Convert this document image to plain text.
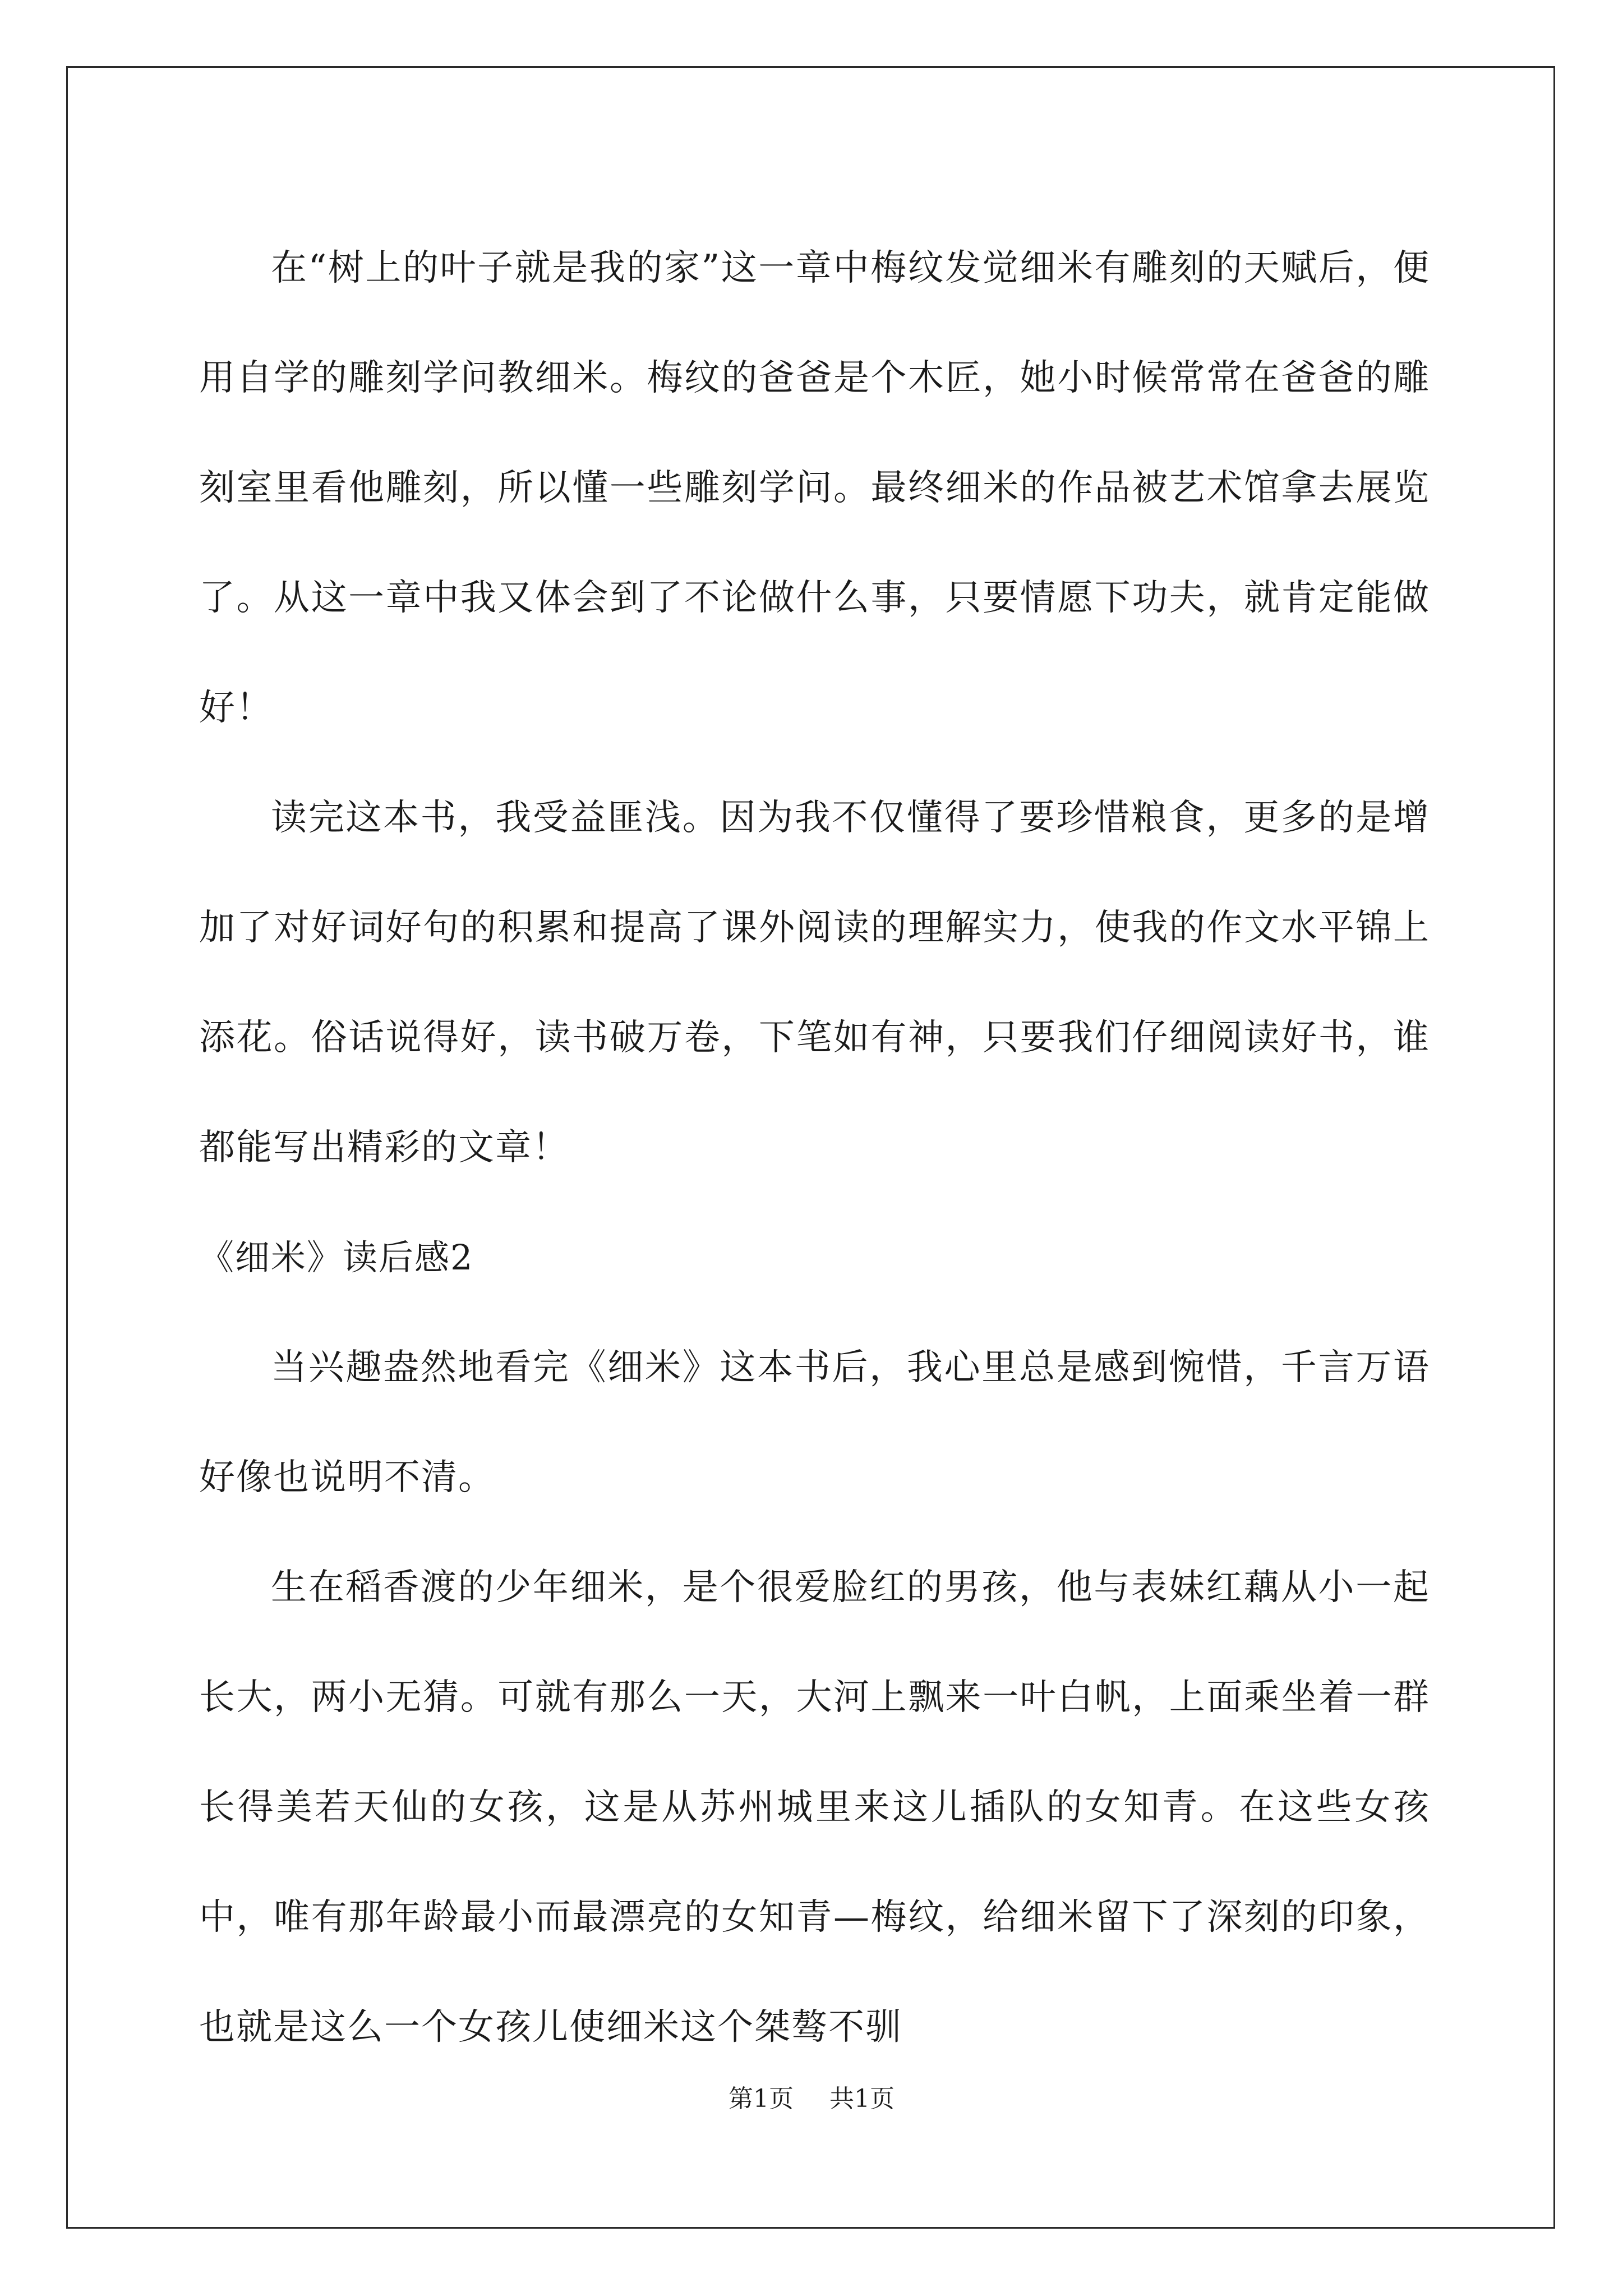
在“树上的叶子就是我的家”这一章中梅纹发觉细米有雕刻的天赋后，便用自学的雕刻学问教细米。梅纹的爸爸是个木匠，她小时候常常在爸爸的雕刻室里看他雕刻，所以懂一些雕刻学问。最终细米的作品被艺术馆拿去展览了。从这一章中我又体会到了不论做什么事，只要情愿下功夫，就肯定能做好！

读完这本书，我受益匪浅。因为我不仅懂得了要珍惜粮食，更多的是增加了对好词好句的积累和提高了课外阅读的理解实力，使我的作文水平锦上添花。俗话说得好，读书破万卷，下笔如有神，只要我们仔细阅读好书，谁都能写出精彩的文章！

《细米》读后感2

当兴趣盎然地看完《细米》这本书后，我心里总是感到惋惜，千言万语好像也说明不清。

生在稻香渡的少年细米，是个很爱脸红的男孩，他与表妹红藕从小一起长大，两小无猜。可就有那么一天，大河上飘来一叶白帆，上面乘坐着一群长得美若天仙的女孩，这是从苏州城里来这儿插队的女知青。在这些女孩中，唯有那年龄最小而最漂亮的女知青—梅纹，给细米留下了深刻的印象，也就是这么一个女孩儿使细米这个桀骜不驯

第1页 共1页
